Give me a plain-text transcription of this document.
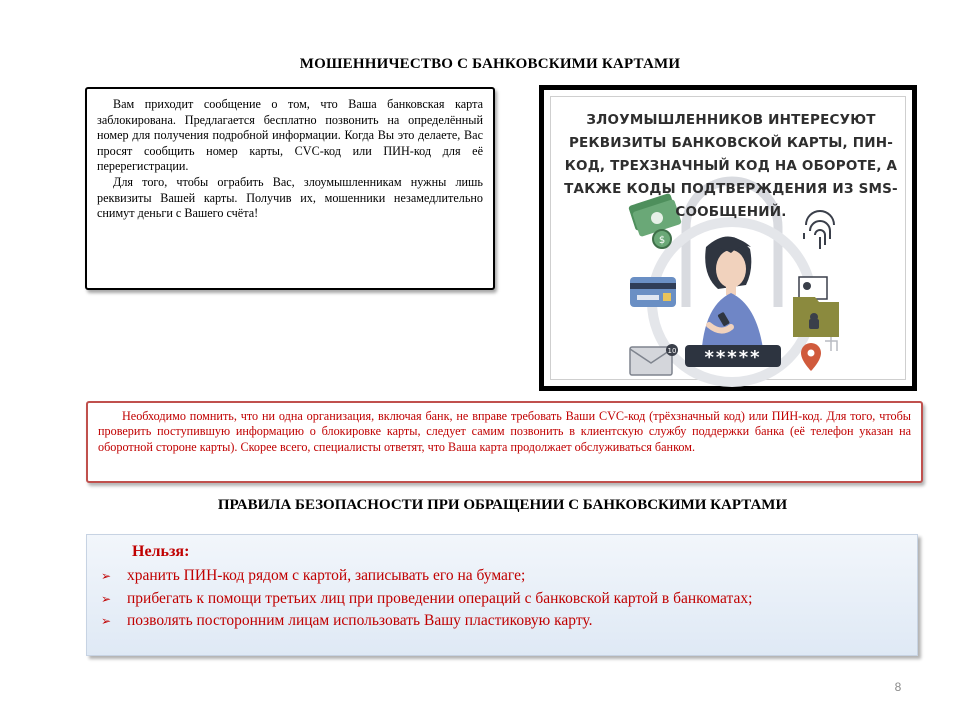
МОШЕННИЧЕСТВО С БАНКОВСКИМИ КАРТАМИ

Вам приходит сообщение о том, что Ваша банковская карта заблокирована. Предлагается бесплатно позвонить на определённый номер для получения подробной информации. Когда Вы это делаете, Вас просят сообщить номер карты, CVC-код или ПИН-код для её перерегистрации.

Для того, чтобы ограбить Вас, злоумышленникам нужны лишь реквизиты Вашей карты. Получив их, мошенники незамедлительно снимут деньги с Вашего счёта!

$
10 *****
ЗЛОУМЫШЛЕННИКОВ ИНТЕРЕСУЮТ РЕКВИЗИТЫ БАНКОВСКОЙ КАРТЫ, ПИН-КОД, ТРЕХЗНАЧНЫЙ КОД НА ОБОРОТЕ, А ТАКЖЕ КОДЫ ПОДТВЕРЖДЕНИЯ ИЗ SMS-СООБЩЕНИЙ.

Необходимо помнить, что ни одна организация, включая банк, не вправе требовать Ваши CVC-код (трёхзначный код) или ПИН-код. Для того, чтобы проверить поступившую информацию о блокировке карты, следует самим позвонить в клиентскую службу поддержки банка (её телефон указан на оборотной стороне карты). Скорее всего, специалисты ответят, что Ваша карта продолжает обслуживаться банком.

ПРАВИЛА БЕЗОПАСНОСТИ ПРИ ОБРАЩЕНИИ С БАНКОВСКИМИ КАРТАМИ
Нельзя:
➢ хранить ПИН-код рядом с картой, записывать его на бумаге;
➢ прибегать к помощи третьих лиц при проведении операций с банковской картой в банкоматах;
➢ позволять посторонним лицам использовать Вашу пластиковую карту.
8
